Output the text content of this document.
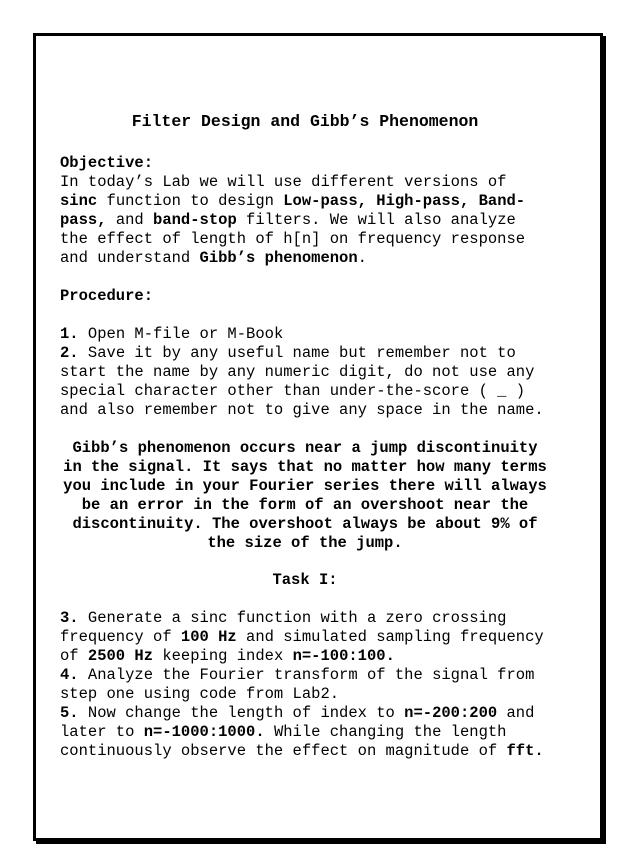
Filter Design and Gibb’s Phenomenon

Objective:

In today’s Lab we will use different versions of sinc function to design Low-pass, High-pass, Band-pass, and band-stop filters. We will also analyze the effect of length of h[n] on frequency response and understand Gibb’s phenomenon.

Procedure:

1. Open M-file or M-Book

2. Save it by any useful name but remember not to start the name by any numeric digit, do not use any special character other than under-the-score ( _ ) and also remember not to give any space in the name.

Gibb’s phenomenon occurs near a jump discontinuity in the signal. It says that no matter how many terms you include in your Fourier series there will always be an error in the form of an overshoot near the discontinuity. The overshoot always be about 9% of the size of the jump.

Task I:

3. Generate a sinc function with a zero crossing frequency of 100 Hz and simulated sampling frequency of 2500 Hz keeping index n=-100:100.

4. Analyze the Fourier transform of the signal from step one using code from Lab2.

5. Now change the length of index to n=-200:200 and later to n=-1000:1000. While changing the length continuously observe the effect on magnitude of fft.
